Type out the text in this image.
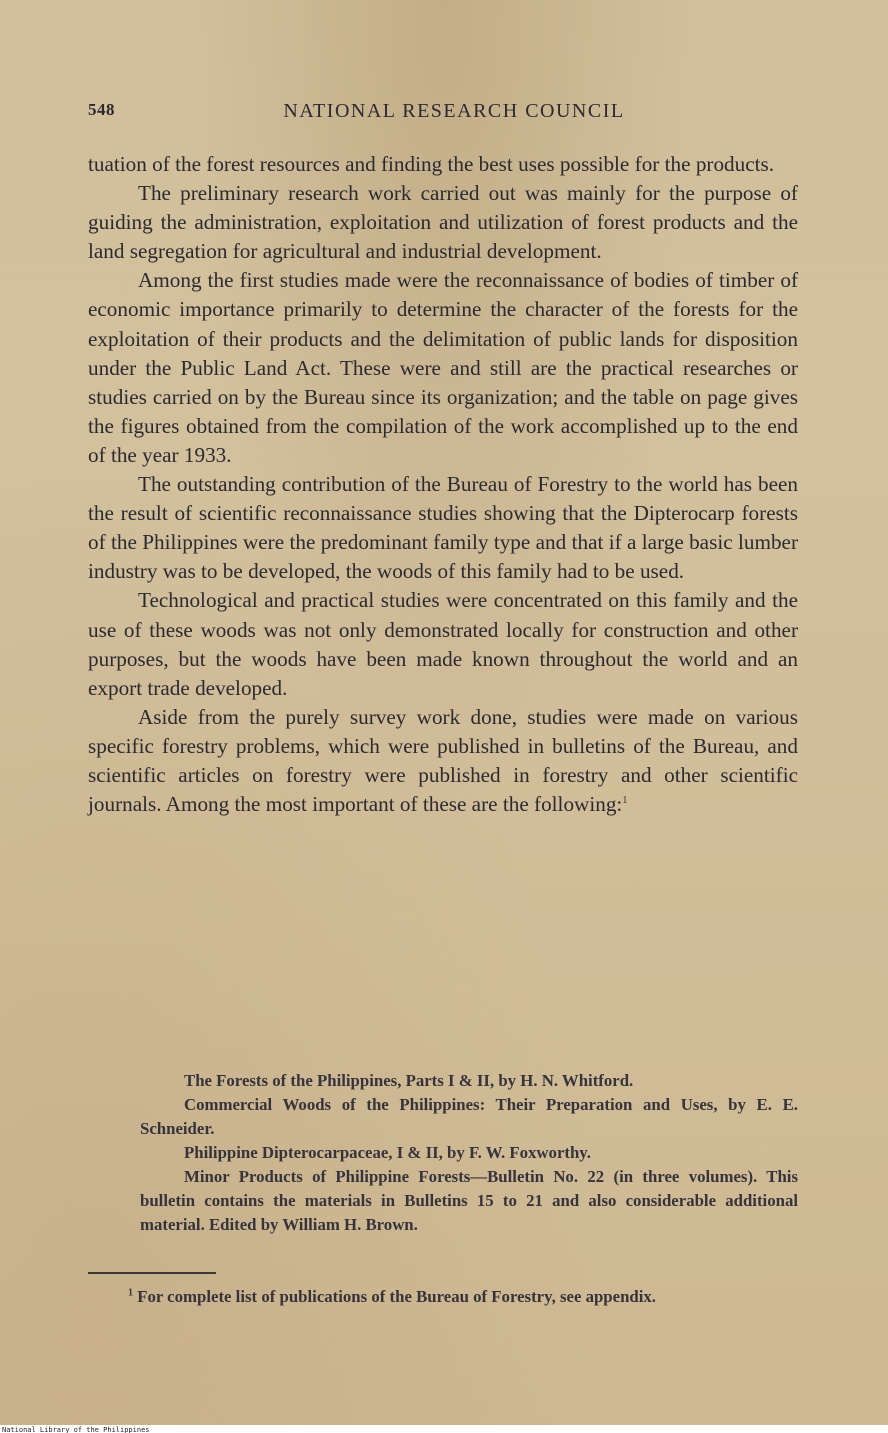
548	NATIONAL RESEARCH COUNCIL

tuation of the forest resources and finding the best uses possible for the products.

The preliminary research work carried out was mainly for the purpose of guiding the administration, exploitation and utilization of forest products and the land segregation for agricultural and industrial development.

Among the first studies made were the reconnaissance of bodies of timber of economic importance primarily to determine the character of the forests for the exploitation of their products and the delimitation of public lands for disposition under the Public Land Act. These were and still are the practical researches or studies carried on by the Bureau since its organization; and the table on page gives the figures obtained from the compilation of the work accomplished up to the end of the year 1933.

The outstanding contribution of the Bureau of Forestry to the world has been the result of scientific reconnaissance studies showing that the Dipterocarp forests of the Philippines were the predominant family type and that if a large basic lumber industry was to be developed, the woods of this family had to be used.

Technological and practical studies were concentrated on this family and the use of these woods was not only demonstrated locally for construction and other purposes, but the woods have been made known throughout the world and an export trade developed.

Aside from the purely survey work done, studies were made on various specific forestry problems, which were published in bulletins of the Bureau, and scientific articles on forestry were published in forestry and other scientific journals. Among the most important of these are the following:$^1$

The Forests of the Philippines, Parts I & II, by H. N. Whitford.

Commercial Woods of the Philippines: Their Preparation and Uses, by E. E. Schneider.

Philippine Dipterocarpaceae, I & II, by F. W. Foxworthy.

Minor Products of Philippine Forests—Bulletin No. 22 (in three volumes). This bulletin contains the materials in Bulletins 15 to 21 and also considerable additional material. Edited by William H. Brown.

$^1$ For complete list of publications of the Bureau of Forestry, see appendix.
National Library of the Philippines
